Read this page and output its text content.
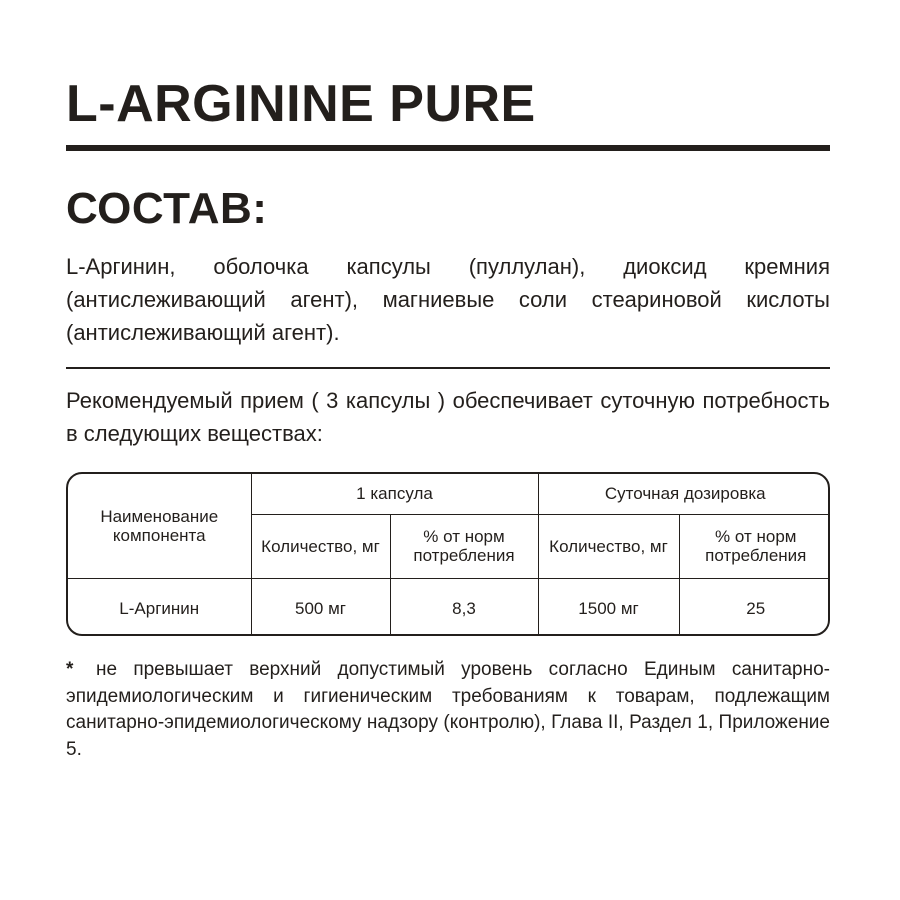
L-ARGININE PURE
СОСТАВ:
L-Аргинин, оболочка капсулы (пуллулан), диоксид кремния (антислеживающий агент), магниевые соли стеариновой кислоты (антислеживающий агент).
Рекомендуемый прием ( 3 капсулы ) обеспечивает суточную потребность в следующих веществах:
Наименование компонента	1 капсула		Суточная дозировка	
	Количество, мг	% от норм потребления	Количество, мг	% от норм потребления
L-Аргинин	500 мг	8,3	1500 мг	25
* не превышает верхний допустимый уровень согласно Единым санитарно-эпидемиологическим и гигиеническим требованиям к товарам, подлежащим санитарно-эпидемиологическому надзору (контролю), Глава II, Раздел 1, Приложение 5.
